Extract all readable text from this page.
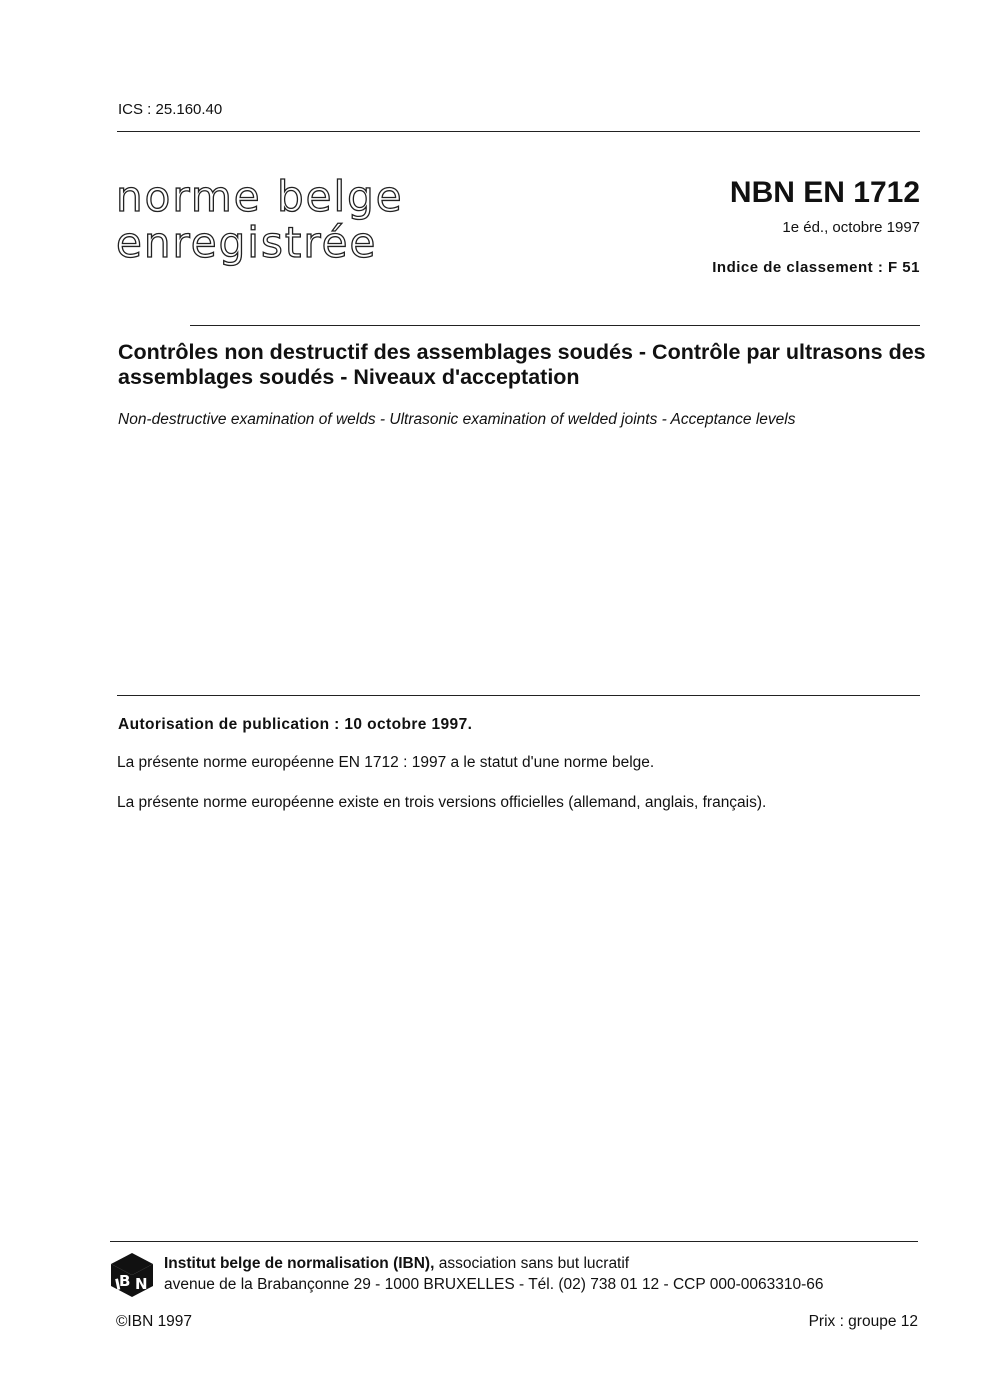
ICS : 25.160.40
norme belge
enregistrée
NBN EN 1712
1e éd., octobre 1997
Indice de classement : F 51
Contrôles non destructif des assemblages soudés - Contrôle par ultrasons des assemblages soudés - Niveaux d'acceptation
Non-destructive examination of welds - Ultrasonic examination of welded joints - Acceptance levels
Autorisation de publication : 10 octobre 1997.
La présente norme européenne EN 1712 : 1997 a le statut d'une norme belge.
La présente norme européenne existe en trois versions officielles (allemand, anglais, français).
I
B N
Institut belge de normalisation (IBN), association sans but lucratif
avenue de la Brabançonne 29 - 1000 BRUXELLES - Tél. (02) 738 01 12 - CCP 000-0063310-66
©IBN 1997	Prix : groupe 12
